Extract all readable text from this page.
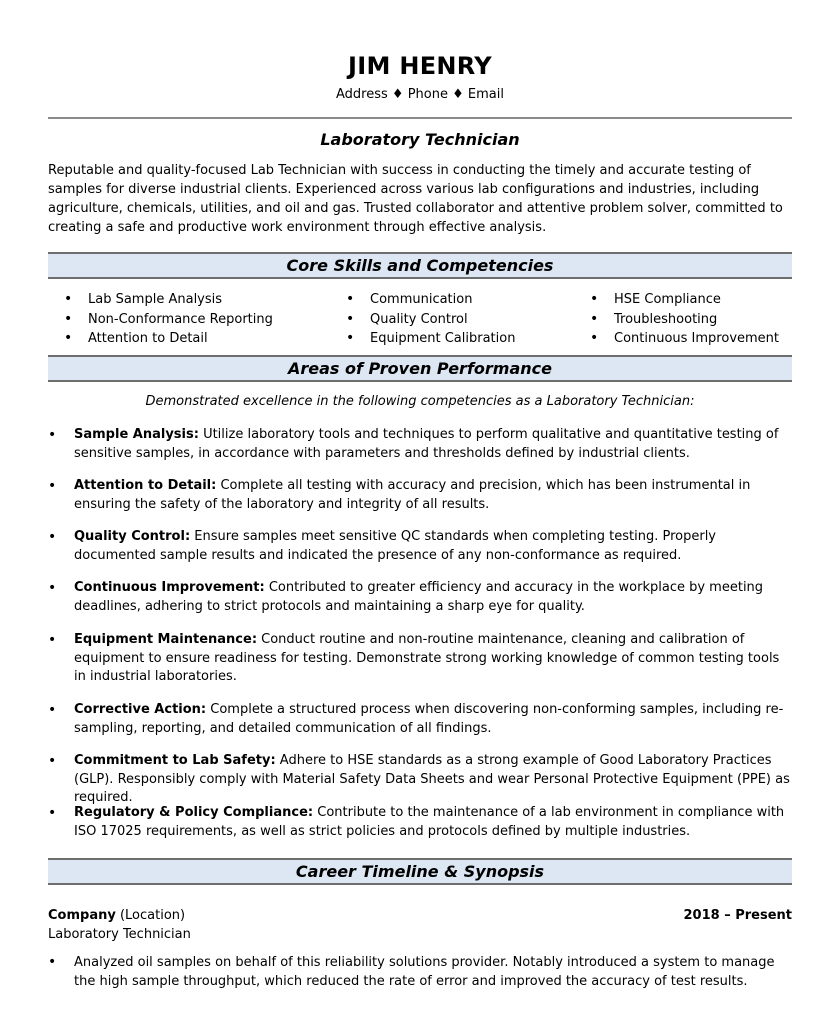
JIM HENRY
Address ♦ Phone ♦ Email
Laboratory Technician
Reputable and quality-focused Lab Technician with success in conducting the timely and accurate testing of samples for diverse industrial clients. Experienced across various lab configurations and industries, including agriculture, chemicals, utilities, and oil and gas. Trusted collaborator and attentive problem solver, committed to creating a safe and productive work environment through effective analysis.
Core Skills and Competencies
• Lab Sample Analysis
• Non-Conformance Reporting
• Attention to Detail
• Communication
• Quality Control
• Equipment Calibration
• HSE Compliance
• Troubleshooting
• Continuous Improvement
Areas of Proven Performance
Demonstrated excellence in the following competencies as a Laboratory Technician:
• Sample Analysis: Utilize laboratory tools and techniques to perform qualitative and quantitative testing of sensitive samples, in accordance with parameters and thresholds defined by industrial clients.
• Attention to Detail: Complete all testing with accuracy and precision, which has been instrumental in ensuring the safety of the laboratory and integrity of all results.
• Quality Control: Ensure samples meet sensitive QC standards when completing testing. Properly documented sample results and indicated the presence of any non-conformance as required.
• Continuous Improvement: Contributed to greater efficiency and accuracy in the workplace by meeting deadlines, adhering to strict protocols and maintaining a sharp eye for quality.
• Equipment Maintenance: Conduct routine and non-routine maintenance, cleaning and calibration of equipment to ensure readiness for testing. Demonstrate strong working knowledge of common testing tools in industrial laboratories.
• Corrective Action: Complete a structured process when discovering non-conforming samples, including re-sampling, reporting, and detailed communication of all findings.
• Commitment to Lab Safety: Adhere to HSE standards as a strong example of Good Laboratory Practices (GLP). Responsibly comply with Material Safety Data Sheets and wear Personal Protective Equipment (PPE) as required.
• Regulatory & Policy Compliance: Contribute to the maintenance of a lab environment in compliance with ISO 17025 requirements, as well as strict policies and protocols defined by multiple industries.
Career Timeline & Synopsis
Company (Location)
Laboratory Technician
2018 – Present
• Analyzed oil samples on behalf of this reliability solutions provider. Notably introduced a system to manage the high sample throughput, which reduced the rate of error and improved the accuracy of test results.
